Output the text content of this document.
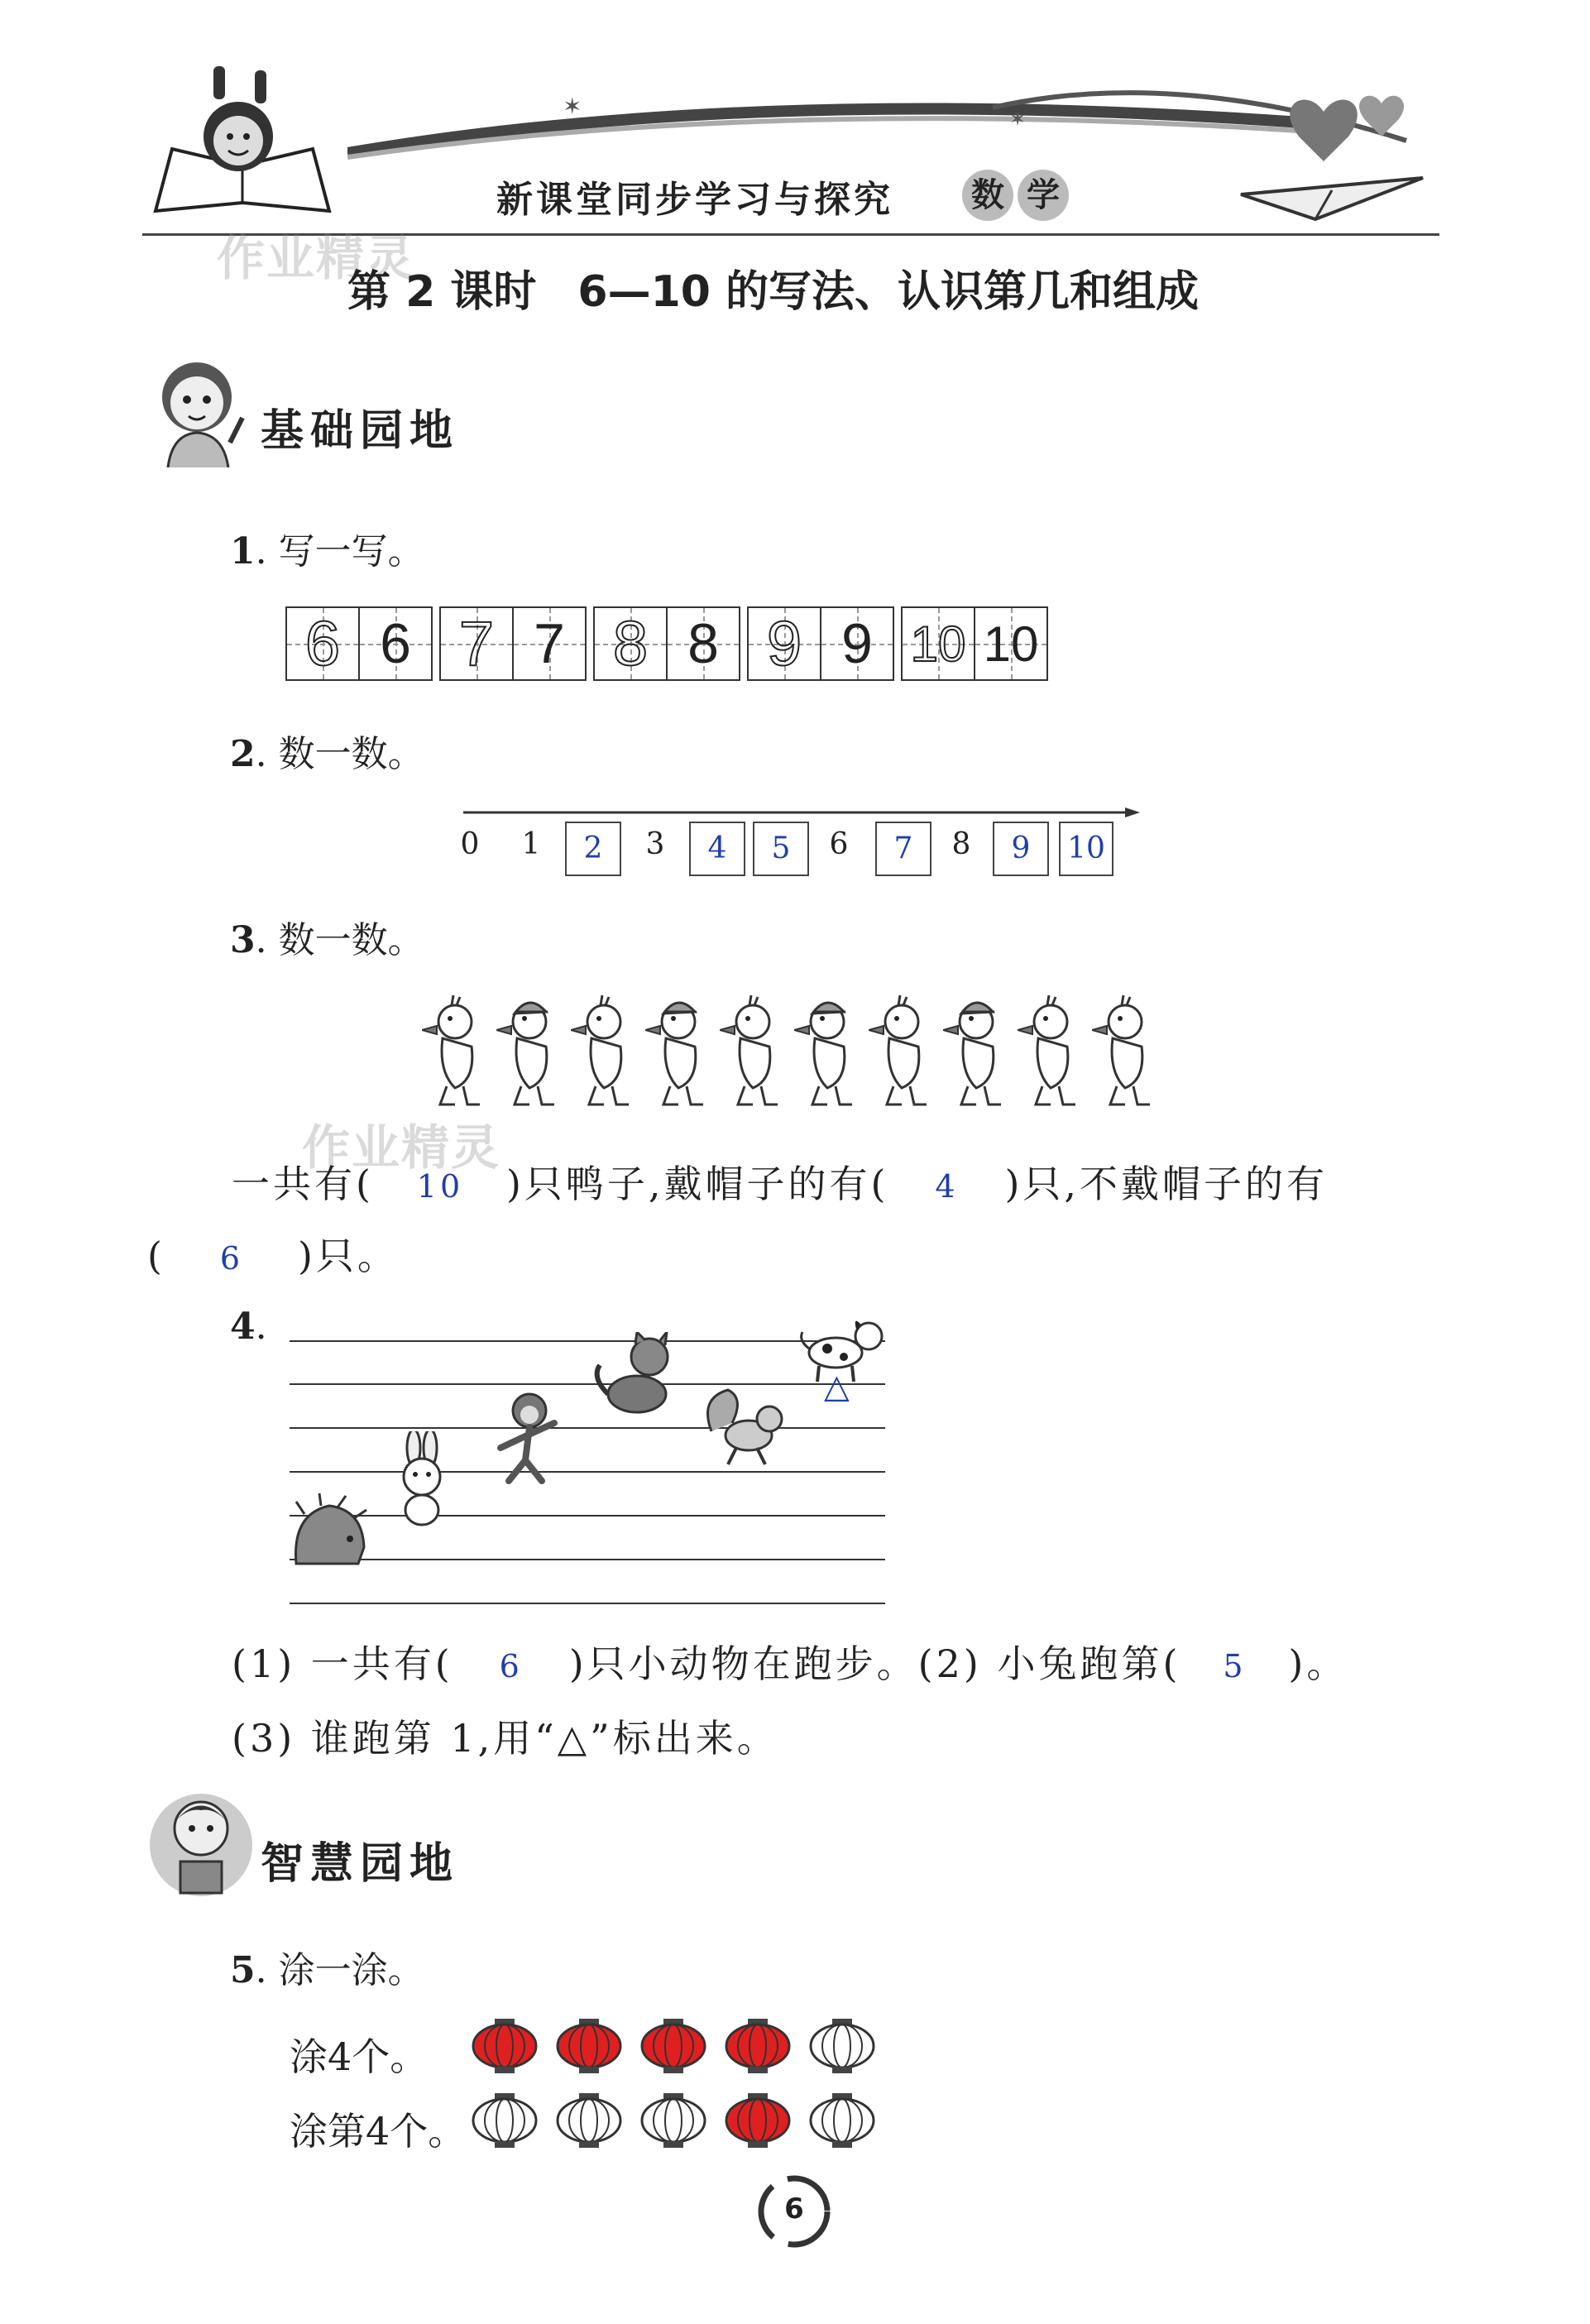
✶	✶
新课堂同步学习与探究 数 学
作业精灵
第 2 课时 6—10 的写法、认识第几和组成
基础园地
1. 写一写。
6 6 7 7 8 8 9 9 10 10
2. 数一数。
0	1	2	3	4	5	6	7	8	9	10
3. 数一数。
作业精灵
一共有( 10 )只鸭子,戴帽子的有( 4 )只,不戴帽子的有
( 6 )只。
4.
△
(1) 一共有( 6 )只小动物在跑步。(2) 小兔跑第( 5 )。
(3) 谁跑第 1,用“△”标出来。
智慧园地
5. 涂一涂。
涂4个。
涂第4个。
6
